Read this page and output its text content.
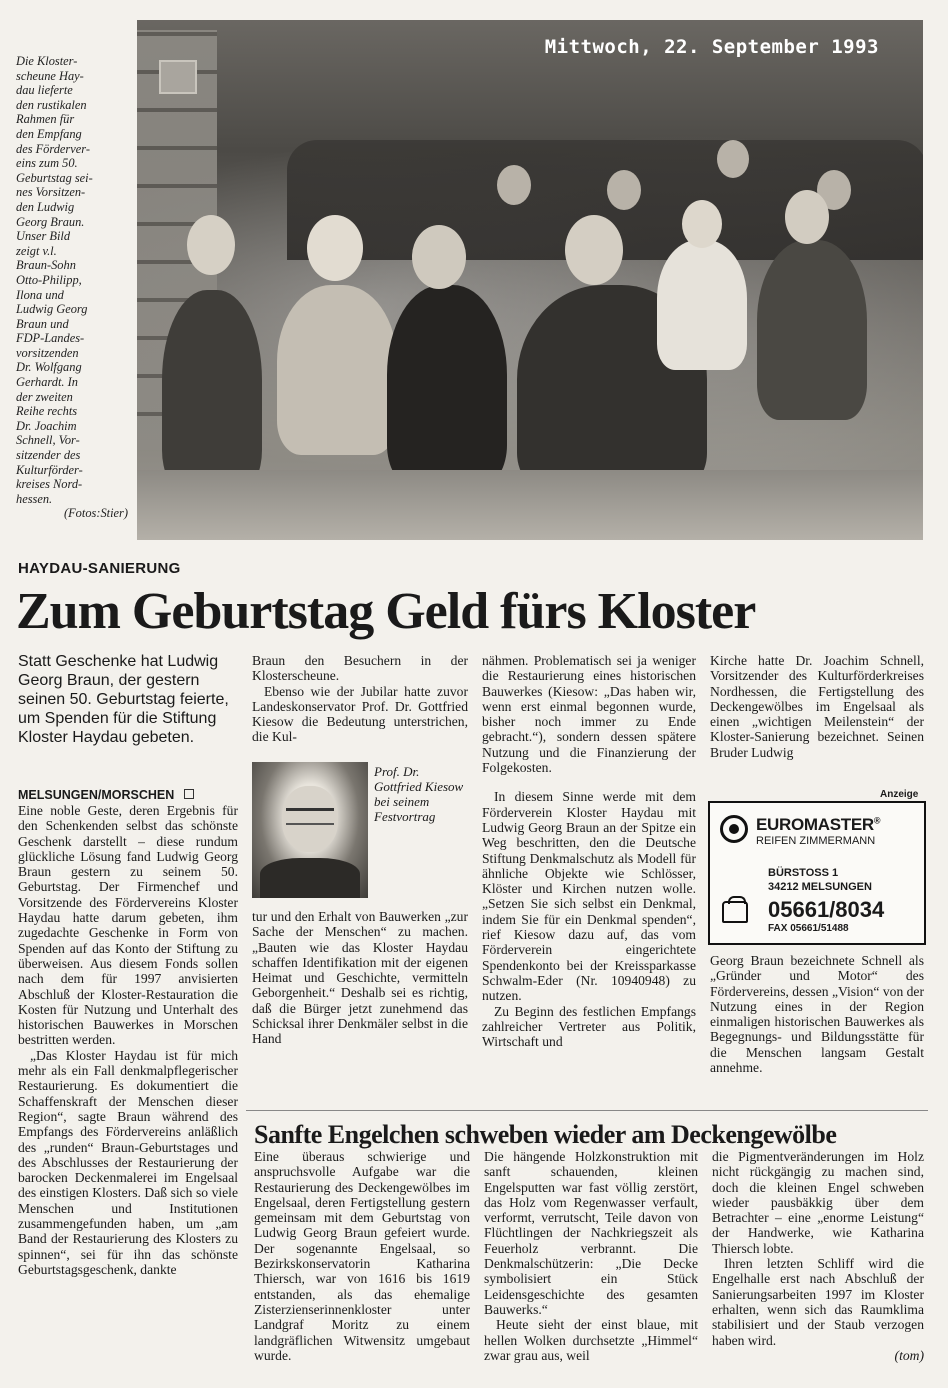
Die Kloster-
scheune Hay-
dau lieferte
den rustikalen
Rahmen für
den Empfang
des Förderver-
eins zum 50.
Geburtstag sei-
nes Vorsitzen-
den Ludwig
Georg Braun.
Unser Bild
zeigt v.l.
Braun-Sohn
Otto-Philipp,
Ilona und
Ludwig Georg
Braun und
FDP-Landes-
vorsitzenden
Dr. Wolfgang
Gerhardt. In
der zweiten
Reihe rechts
Dr. Joachim
Schnell, Vor-
sitzender des
Kulturförder-
kreises Nord-
hessen.
(Fotos:Stier)
Mittwoch, 22. September 1993
HAYDAU-SANIERUNG
Zum Geburtstag Geld fürs Kloster
Statt Geschenke hat Ludwig Georg Braun, der gestern seinen 50. Geburtstag feierte, um Spenden für die Stiftung Kloster Haydau gebeten.
MELSUNGEN/MORSCHEN

Eine noble Geste, deren Ergebnis für den Schenkenden selbst das schönste Geschenk darstellt – diese rundum glückliche Lösung fand Ludwig Georg Braun gestern zu seinem 50. Geburtstag. Der Firmenchef und Vorsitzende des Fördervereins Kloster Haydau hatte darum gebeten, ihm zugedachte Geschenke in Form von Spenden auf das Konto der Stiftung zu überweisen. Aus diesem Fonds sollen nach dem für 1997 anvisierten Abschluß der Kloster-Restauration die Kosten für Nutzung und Unterhalt des historischen Bauwerkes in Morschen bestritten werden.

„Das Kloster Haydau ist für mich mehr als ein Fall denkmalpflegerischer Restaurierung. Es dokumentiert die Schaffenskraft der Menschen dieser Region“, sagte Braun während des Empfangs des Fördervereins anläßlich des „runden“ Braun-Geburtstages und des Abschlusses der Restaurierung der barocken Deckenmalerei im Engelsaal des einstigen Klosters. Daß sich so viele Menschen und Institutionen zusammengefunden haben, um „am Band der Restaurierung des Klosters zu spinnen“, sei für ihn das schönste Geburtstagsgeschenk, dankte

Braun den Besuchern in der Klosterscheune.

Ebenso wie der Jubilar hatte zuvor Landeskonservator Prof. Dr. Gottfried Kiesow die Bedeutung unterstrichen, die Kul-

Prof. Dr. Gottfried Kiesow bei seinem Festvortrag

tur und den Erhalt von Bauwerken „zur Sache der Menschen“ zu machen. „Bauten wie das Kloster Haydau schaffen Identifikation mit der eigenen Heimat und Geschichte, vermitteln Geborgenheit.“ Deshalb sei es richtig, daß die Bürger jetzt zunehmend das Schicksal ihrer Denkmäler selbst in die Hand

nähmen. Problematisch sei ja weniger die Restaurierung eines historischen Bauwerkes (Kiesow: „Das haben wir, wenn erst einmal begonnen wurde, bisher noch immer zu Ende gebracht.“), sondern dessen spätere Nutzung und die Finanzierung der Folgekosten.

In diesem Sinne werde mit dem Förderverein Kloster Haydau mit Ludwig Georg Braun an der Spitze ein Weg beschritten, den die Deutsche Stiftung Denkmalschutz als Modell für ähnliche Objekte wie Schlösser, Klöster und Kirchen nutzen wolle. „Setzen Sie sich selbst ein Denkmal, indem Sie für ein Denkmal spenden“, rief Kiesow dazu auf, das vom Förderverein eingerichtete Spendenkonto bei der Kreissparkasse Schwalm-Eder (Nr. 10940948) zu nutzen.

Zu Beginn des festlichen Empfangs zahlreicher Vertreter aus Politik, Wirtschaft und

Kirche hatte Dr. Joachim Schnell, Vorsitzender des Kulturförderkreises Nordhessen, die Fertigstellung des Deckengewölbes im Engelsaal als einen „wichtigen Meilenstein“ der Kloster-Sanierung bezeichnet. Seinen Bruder Ludwig

Anzeige
EUROMASTER®
REIFEN ZIMMERMANN
BÜRSTOSS 1
34212 MELSUNGEN
05661/8034
FAX 05661/51488

Georg Braun bezeichnete Schnell als „Gründer und Motor“ des Fördervereins, dessen „Vision“ von der Nutzung eines in der Region einmaligen historischen Bauwerkes als Begegnungs- und Bildungsstätte für die Menschen langsam Gestalt annehme.

Sanfte Engelchen schweben wieder am Deckengewölbe

Eine überaus schwierige und anspruchsvolle Aufgabe war die Restaurierung des Deckengewölbes im Engelsaal, deren Fertigstellung gestern gemeinsam mit dem Geburtstag von Ludwig Georg Braun gefeiert wurde. Der sogenannte Engelsaal, so Bezirkskonservatorin Katharina Thiersch, war von 1616 bis 1619 entstanden, als das ehemalige Zisterzienserinnenkloster unter Landgraf Moritz zu einem landgräflichen Witwensitz umgebaut wurde.

Die hängende Holzkonstruktion mit sanft schauenden, kleinen Engelsputten war fast völlig zerstört, das Holz vom Regenwasser verfault, verformt, verrutscht, Teile davon von Flüchtlingen der Nachkriegszeit als Feuerholz verbrannt. Die Denkmalschützerin: „Die Decke symbolisiert ein Stück Leidensgeschichte des gesamten Bauwerks.“

Heute sieht der einst blaue, mit hellen Wolken durchsetzte „Himmel“ zwar grau aus, weil

die Pigmentveränderungen im Holz nicht rückgängig zu machen sind, doch die kleinen Engel schweben wieder pausbäkkig über dem Betrachter – eine „enorme Leistung“ der Handwerke, wie Katharina Thiersch lobte.

Ihren letzten Schliff wird die Engelhalle erst nach Abschluß der Sanierungsarbeiten 1997 im Kloster erhalten, wenn sich das Raumklima stabilisiert und der Staub verzogen haben wird.

(tom)
